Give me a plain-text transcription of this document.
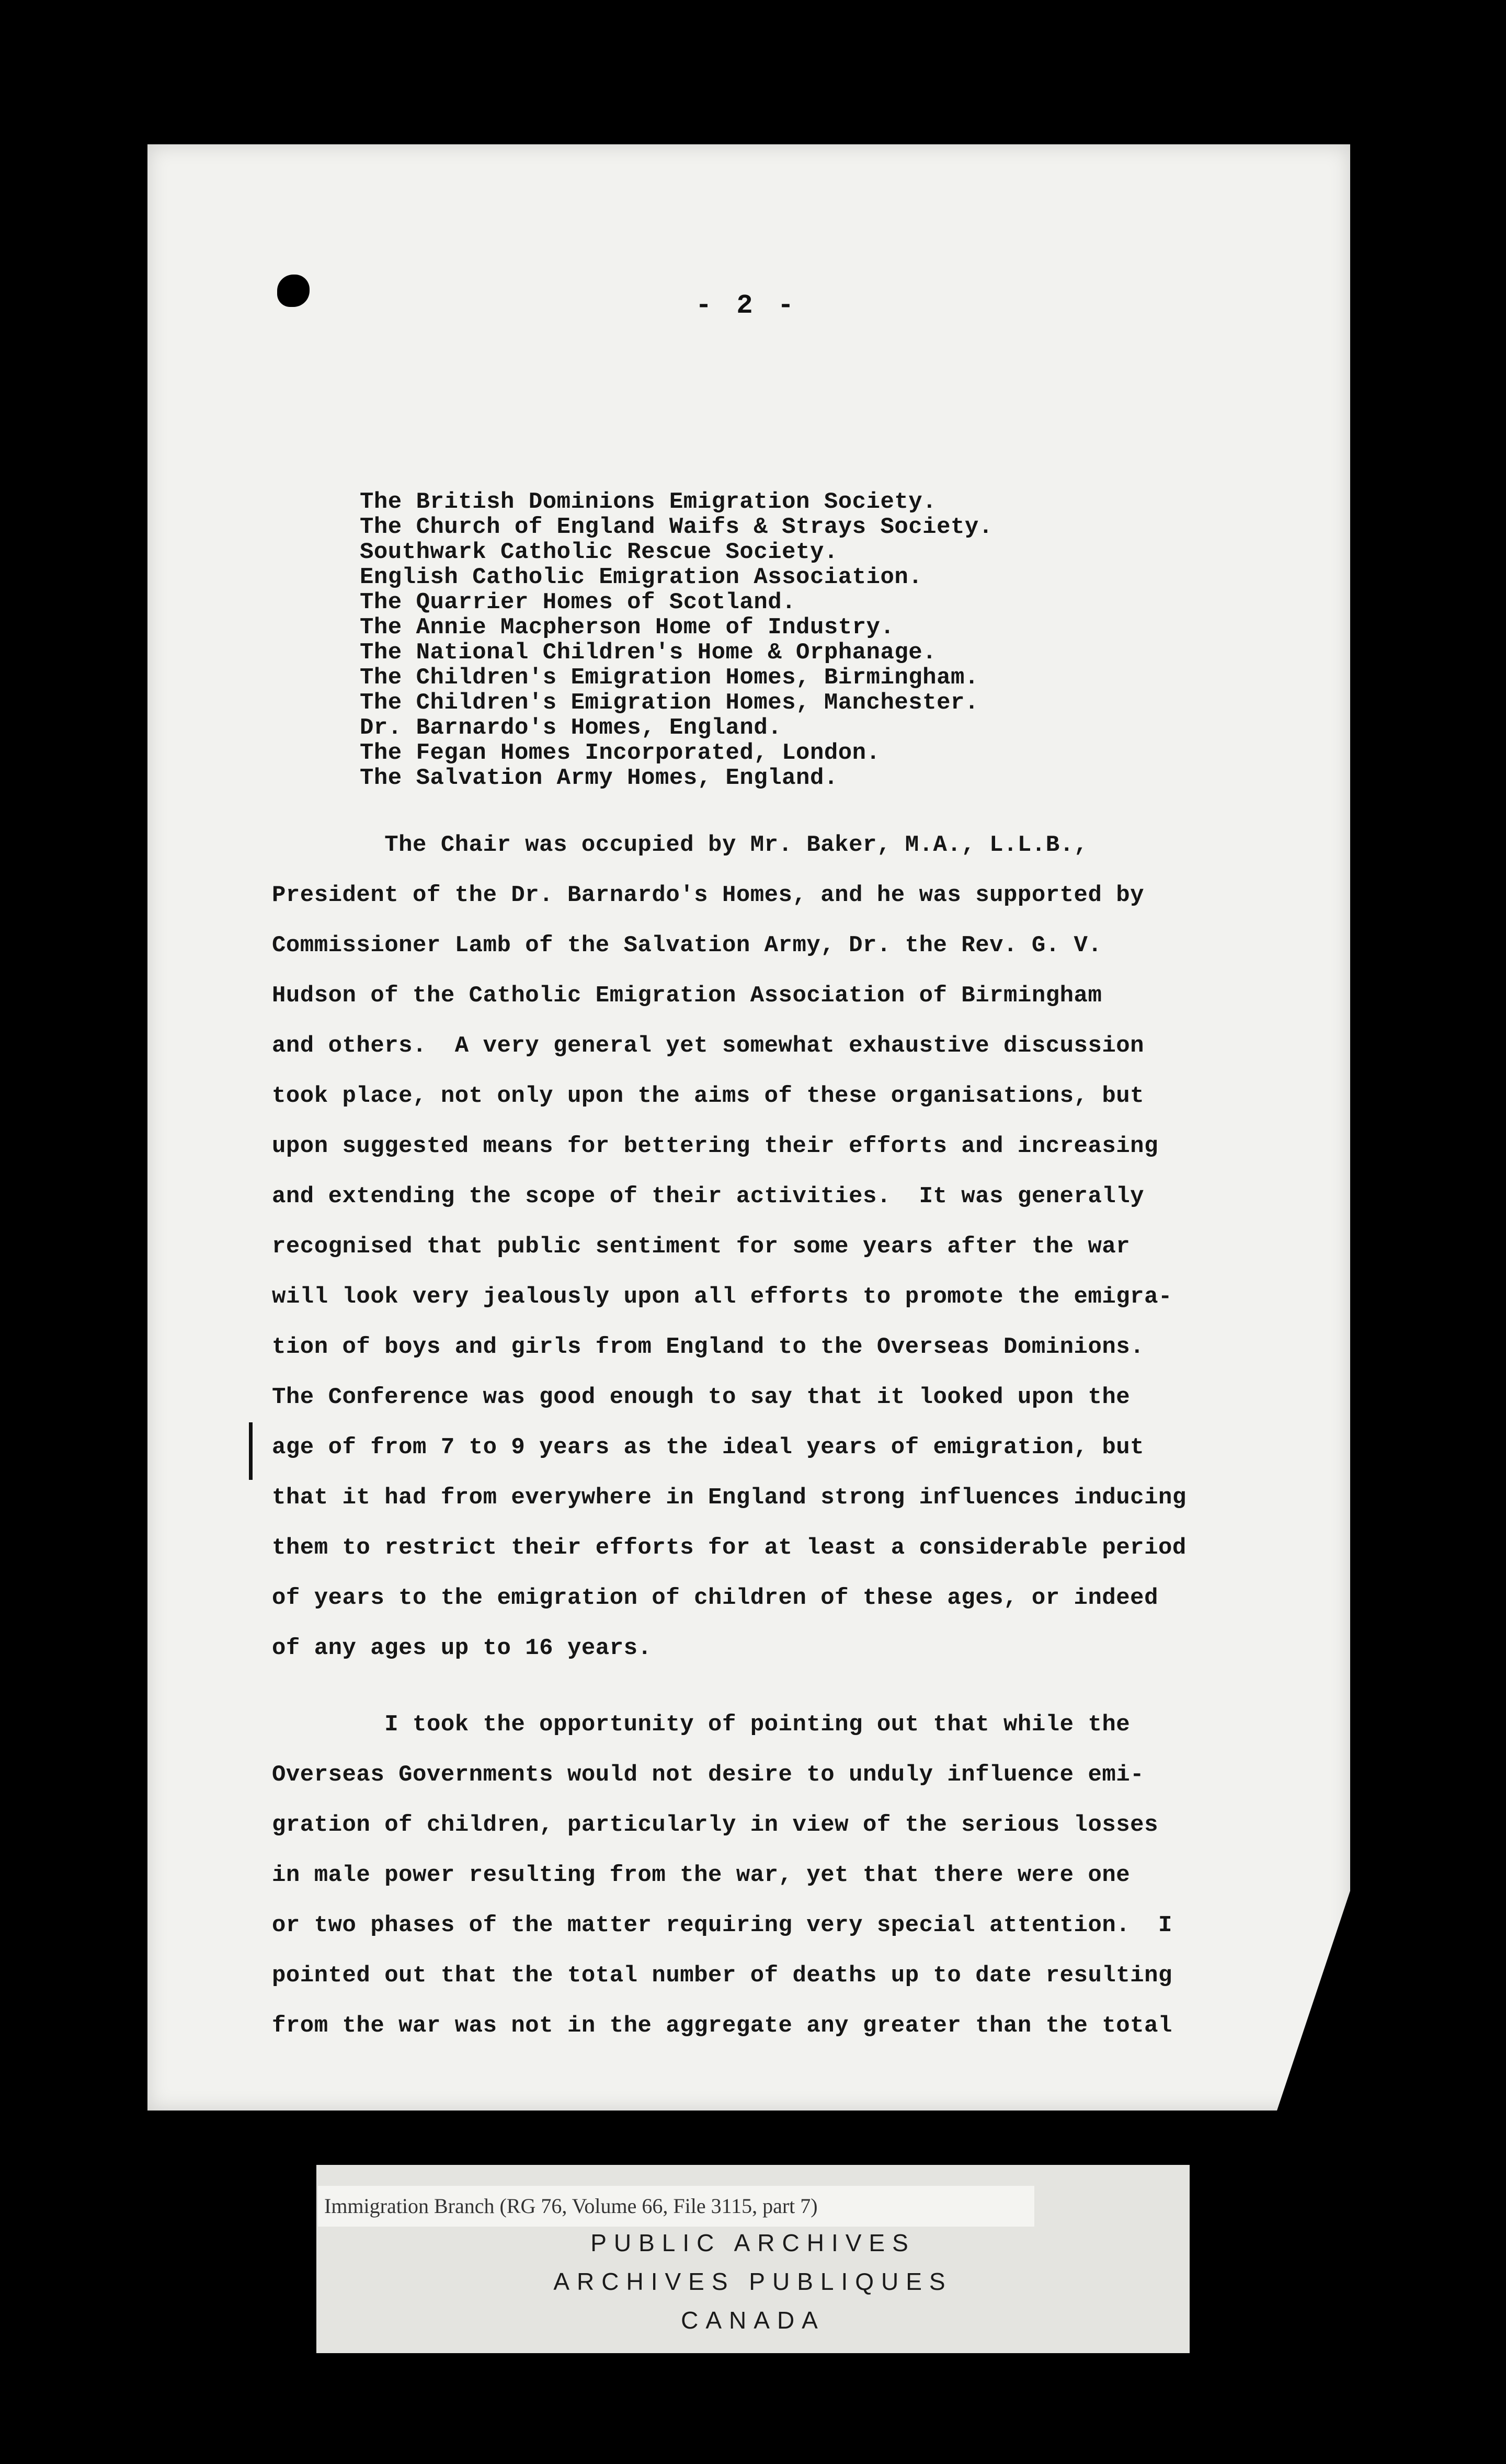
- 2 -
The British Dominions Emigration Society.
The Church of England Waifs & Strays Society.
Southwark Catholic Rescue Society.
English Catholic Emigration Association.
The Quarrier Homes of Scotland.
The Annie Macpherson Home of Industry.
The National Children's Home & Orphanage.
The Children's Emigration Homes, Birmingham.
The Children's Emigration Homes, Manchester.
Dr. Barnardo's Homes, England.
The Fegan Homes Incorporated, London.
The Salvation Army Homes, England.
The Chair was occupied by Mr. Baker, M.A., L.L.B.,
President of the Dr. Barnardo's Homes, and he was supported by
Commissioner Lamb of the Salvation Army, Dr. the Rev. G. V.
Hudson of the Catholic Emigration Association of Birmingham
and others.  A very general yet somewhat exhaustive discussion
took place, not only upon the aims of these organisations, but
upon suggested means for bettering their efforts and increasing
and extending the scope of their activities.  It was generally
recognised that public sentiment for some years after the war
will look very jealously upon all efforts to promote the emigra-
tion of boys and girls from England to the Overseas Dominions.
The Conference was good enough to say that it looked upon the
age of from 7 to 9 years as the ideal years of emigration, but
that it had from everywhere in England strong influences inducing
them to restrict their efforts for at least a considerable period
of years to the emigration of children of these ages, or indeed
of any ages up to 16 years.
I took the opportunity of pointing out that while the
Overseas Governments would not desire to unduly influence emi-
gration of children, particularly in view of the serious losses
in male power resulting from the war, yet that there were one
or two phases of the matter requiring very special attention.  I
pointed out that the total number of deaths up to date resulting
from the war was not in the aggregate any greater than the total
Immigration Branch (RG 76, Volume 66, File 3115, part 7)
PUBLIC ARCHIVES
ARCHIVES PUBLIQUES
CANADA
